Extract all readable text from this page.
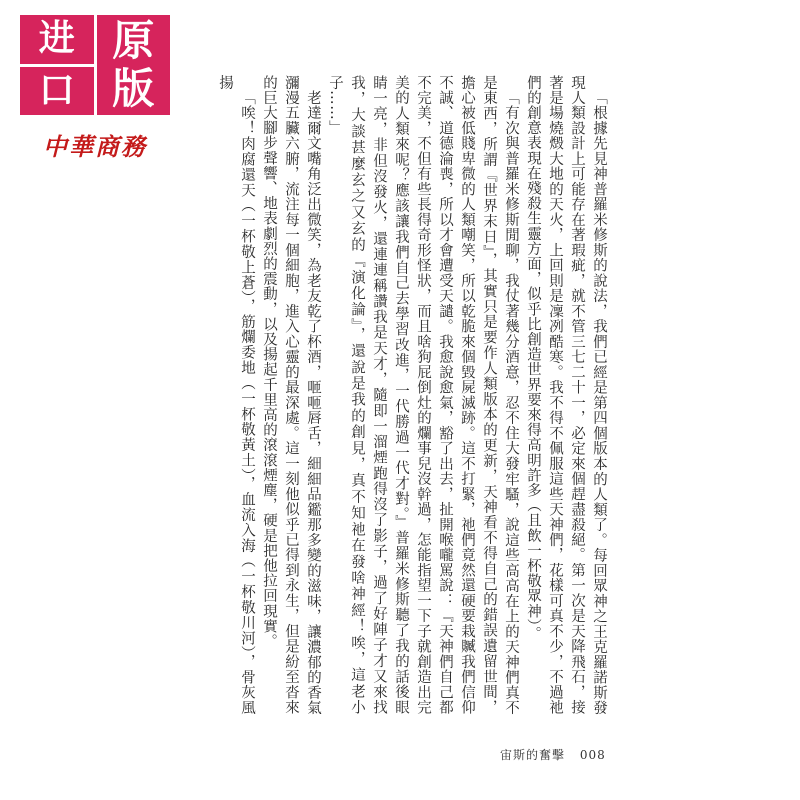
进 原
版
口
中華商務	「根據先見神普羅米修斯的說法，我們已經是第四個版本的人類了。每回眾神之王克羅諾斯發現人類設計上可能存在著瑕疵，就不管三七二十一，必定來個趕盡殺絕。第一次是天降飛石，接著是場燒燬大地的天火，上回則是凜冽酷寒。我不得不佩服這些天神們，花樣可真不少，不過祂們的創意表現在殘殺生靈方面，似乎比創造世界要來得高明許多（且飲一杯敬眾神）。

「有次與普羅米修斯閒聊，我仗著幾分酒意，忍不住大發牢騷，說這些高高在上的天神們真不是東西，所謂『世界末日』，其實只是要作人類版本的更新，天神看不得自己的錯誤遺留世間，擔心被低賤卑微的人類嘲笑，所以乾脆來個毀屍滅跡。這不打緊，祂們竟然還硬要栽贓我們信仰不誠、道德淪喪，所以才會遭受天譴。我愈說愈氣，豁了出去，扯開喉嚨罵說：『天神們自己都不完美，不但有些長得奇形怪狀，而且啥狗屁倒灶的爛事兒沒幹過，怎能指望一下子就創造出完美的人類來呢？應該讓我們自己去學習改進，一代勝過一代才對。』普羅米修斯聽了我的話後眼睛一亮，非但沒發火，還連連稱讚我是天才，隨即一溜煙跑得沒了影子，過了好陣子才又來找我，大談甚麼玄之又玄的『演化論』，還說是我的創見，真不知祂在發啥神經！唉，這老小子……」

老達爾文嘴角泛出微笑，為老友乾了杯酒，咂咂唇舌，細細品鑑那多變的滋味，讓濃郁的香氣瀰漫五臟六腑，流注每一個細胞，進入心靈的最深處。這一刻他似乎已得到永生，但是紛至沓來的巨大腳步聲響、地表劇烈的震動，以及揚起千里高的滾滾煙塵，硬是把他拉回現實。

「唉！肉腐還天（一杯敬上蒼），筋爛委地（一杯敬黃土），血流入海（一杯敬川河），骨灰風揚

宙斯的奮擊 008
